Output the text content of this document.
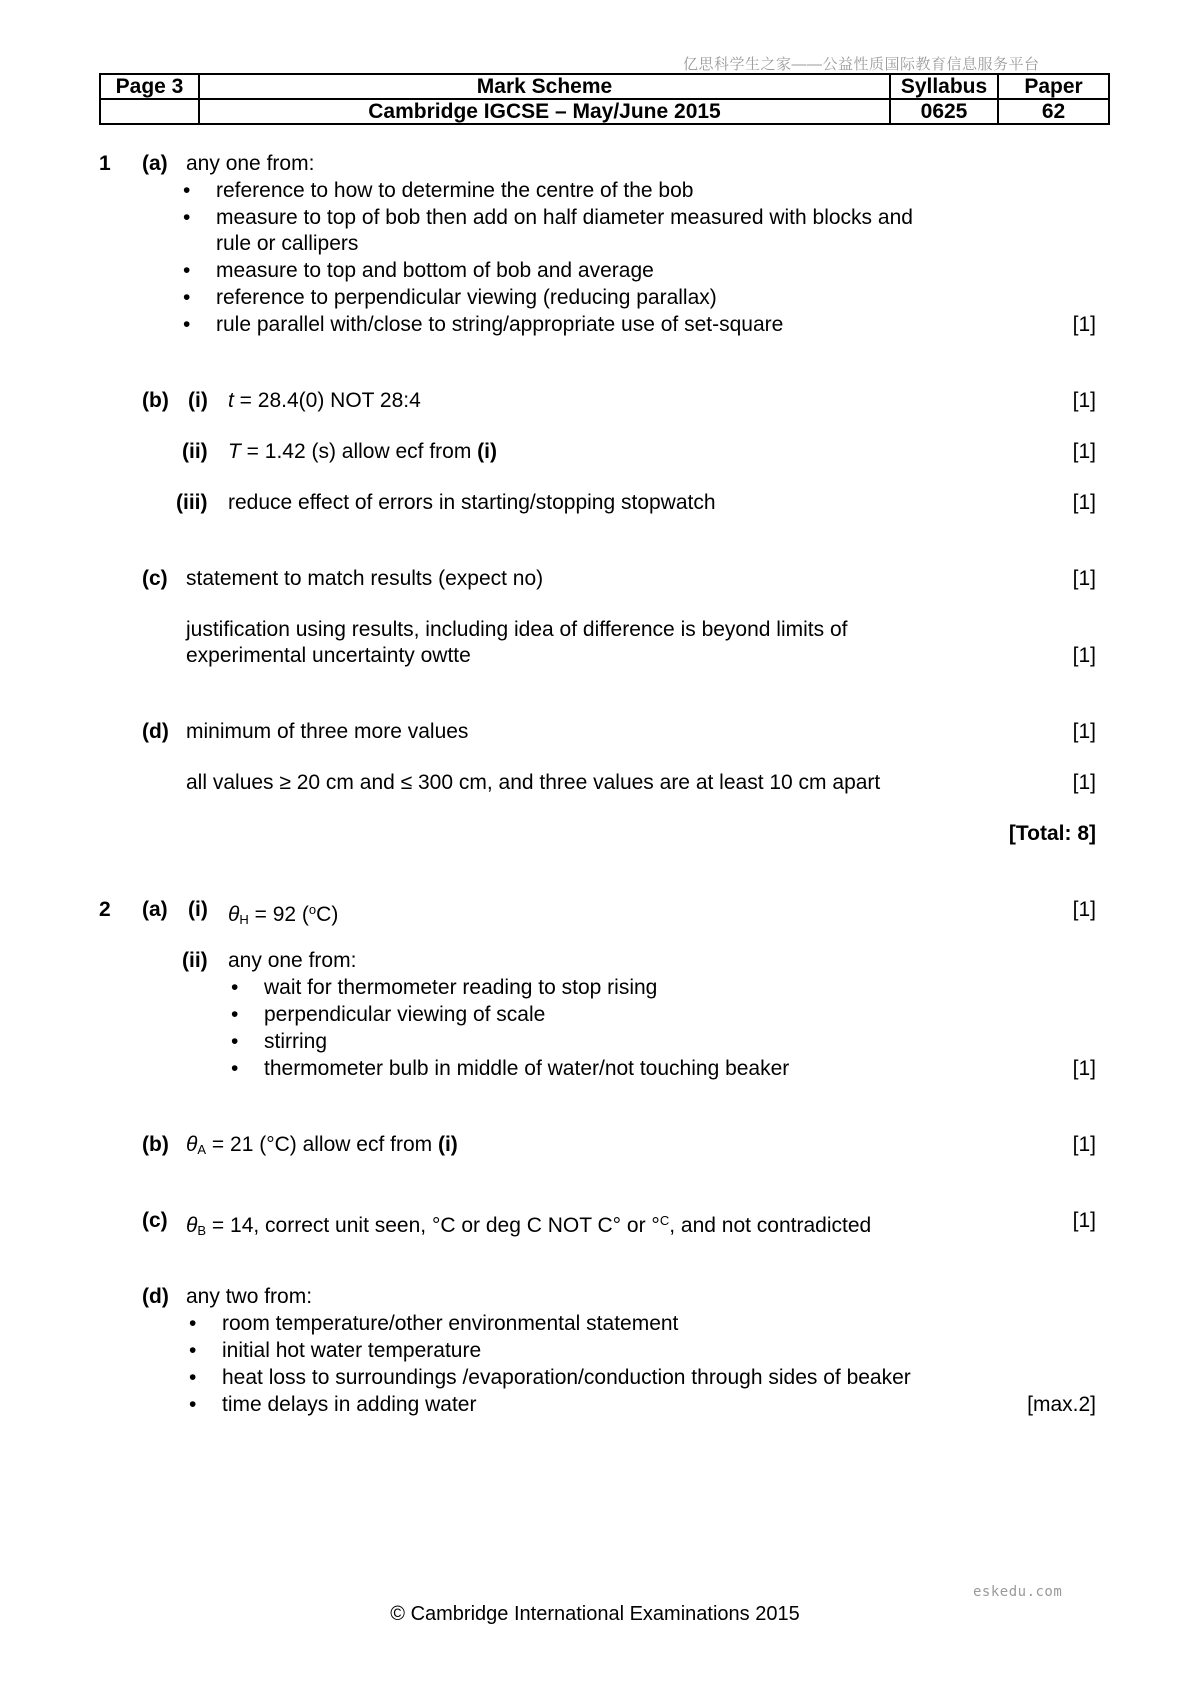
亿思科学生之家——公益性质国际教育信息服务平台
Page 3	Mark Scheme	Syllabus	Paper
	Cambridge IGCSE – May/June 2015	0625	62
1 (a) any one from:
• reference to how to determine the centre of the bob
• measure to top of bob then add on half diameter measured with blocks and
rule or callipers
• measure to top and bottom of bob and average
• reference to perpendicular viewing (reducing parallax)
• rule parallel with/close to string/appropriate use of set-square	[1]
(b) (i) t = 28.4(0) NOT 28:4	[1]
(ii) T = 1.42 (s) allow ecf from (i)	[1]
(iii) reduce effect of errors in starting/stopping stopwatch	[1]
(c) statement to match results (expect no)	[1]
justification using results, including idea of difference is beyond limits of
experimental uncertainty owtte	[1]
(d) minimum of three more values	[1]
all values ≥ 20 cm and ≤ 300 cm, and three values are at least 10 cm apart	[1]
[Total: 8]
2 (a) (i) $\theta_H = 92$ ($^o$C)	[1]
(ii) any one from:
• wait for thermometer reading to stop rising
• perpendicular viewing of scale
• stirring
• thermometer bulb in middle of water/not touching beaker	[1]
(b) $\theta_A = 21$ (°C) allow ecf from (i)	[1]
(c) $\theta_B = 14$, correct unit seen, °C or deg C NOT C° or °$^C$, and not contradicted	[1]
(d) any two from:
• room temperature/other environmental statement
• initial hot water temperature
• heat loss to surroundings /evaporation/conduction through sides of beaker
• time delays in adding water	[max.2]
eskedu.com
© Cambridge International Examinations 2015
